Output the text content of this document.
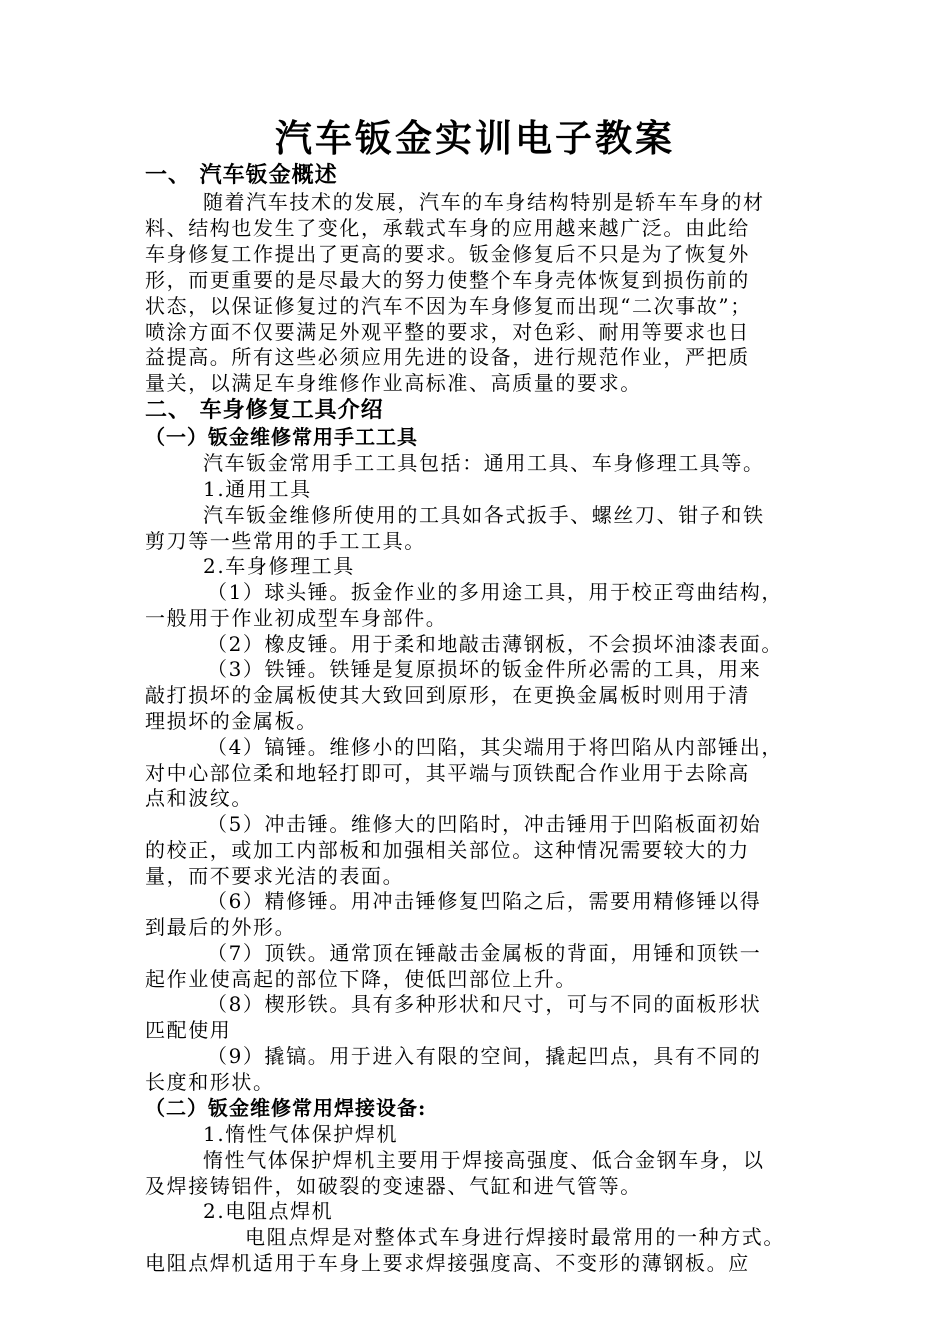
汽车钣金实训电子教案
一、 汽车钣金概述
随着汽车技术的发展，汽车的车身结构特别是轿车车身的材
料、结构也发生了变化，承载式车身的应用越来越广泛。由此给
车身修复工作提出了更高的要求。钣金修复后不只是为了恢复外
形，而更重要的是尽最大的努力使整个车身壳体恢复到损伤前的
状态，以保证修复过的汽车不因为车身修复而出现“二次事故”；
喷涂方面不仅要满足外观平整的要求，对色彩、耐用等要求也日
益提高。所有这些必须应用先进的设备，进行规范作业，严把质
量关，以满足车身维修作业高标准、高质量的要求。
二、 车身修复工具介绍
（一）钣金维修常用手工工具
汽车钣金常用手工工具包括：通用工具、车身修理工具等。
1.通用工具
汽车钣金维修所使用的工具如各式扳手、螺丝刀、钳子和铁
剪刀等一些常用的手工工具。
2.车身修理工具
（1）球头锤。扳金作业的多用途工具，用于校正弯曲结构，
一般用于作业初成型车身部件。
（2）橡皮锤。用于柔和地敲击薄钢板，不会损坏油漆表面。
（3）铁锤。铁锤是复原损坏的钣金件所必需的工具，用来
敲打损坏的金属板使其大致回到原形，在更换金属板时则用于清
理损坏的金属板。
（4）镐锤。维修小的凹陷，其尖端用于将凹陷从内部锤出，
对中心部位柔和地轻打即可，其平端与顶铁配合作业用于去除高
点和波纹。
（5）冲击锤。维修大的凹陷时，冲击锤用于凹陷板面初始
的校正，或加工内部板和加强相关部位。这种情况需要较大的力
量，而不要求光洁的表面。
（6）精修锤。用冲击锤修复凹陷之后，需要用精修锤以得
到最后的外形。
（7）顶铁。通常顶在锤敲击金属板的背面，用锤和顶铁一
起作业使高起的部位下降，使低凹部位上升。
（8）楔形铁。具有多种形状和尺寸，可与不同的面板形状
匹配使用
（9）撬镐。用于进入有限的空间，撬起凹点，具有不同的
长度和形状。
（二）钣金维修常用焊接设备:
1.惰性气体保护焊机
惰性气体保护焊机主要用于焊接高强度、低合金钢车身，以
及焊接铸铝件，如破裂的变速器、气缸和进气管等。
2.电阻点焊机
电阻点焊是对整体式车身进行焊接时最常用的一种方式。
电阻点焊机适用于车身上要求焊接强度高、不变形的薄钢板。应
